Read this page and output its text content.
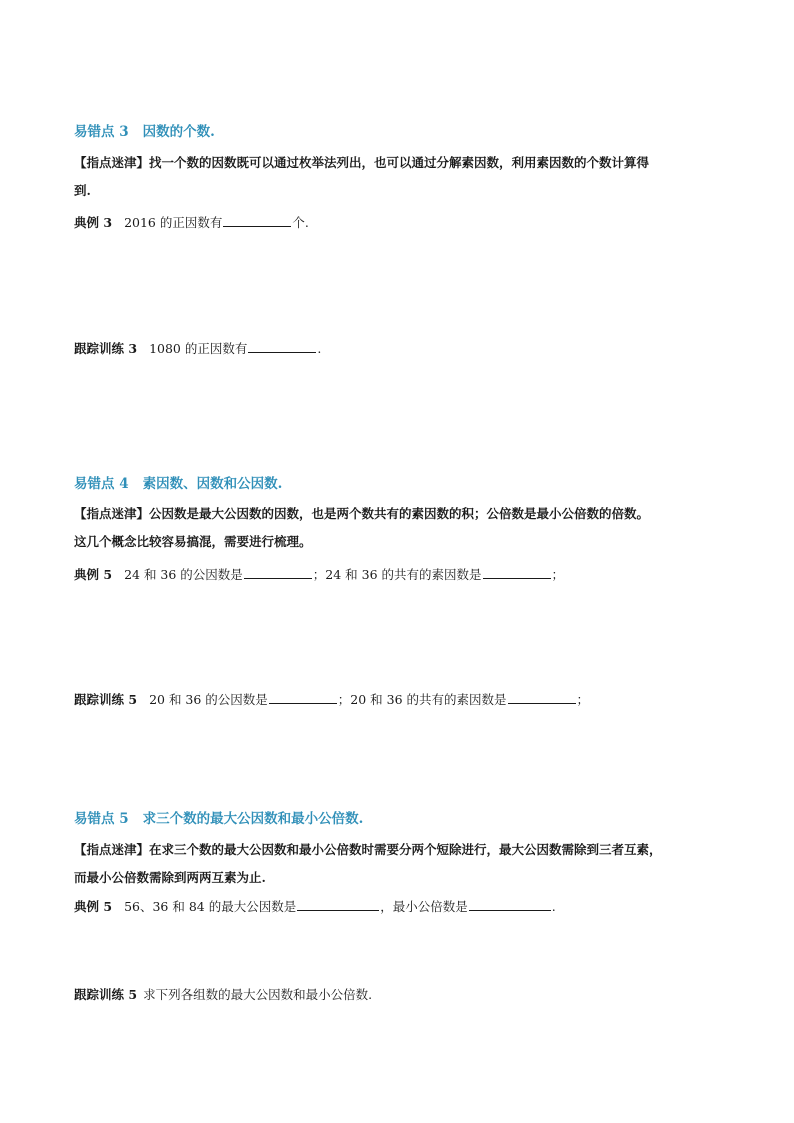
易错点 3 因数的个数.
【指点迷津】找一个数的因数既可以通过枚举法列出，也可以通过分解素因数，利用素因数的个数计算得
到.
典例 3 2016 的正因数有	个.
跟踪训练 3 1080 的正因数有	.
易错点 4 素因数、因数和公因数.
【指点迷津】公因数是最大公因数的因数，也是两个数共有的素因数的积；公倍数是最小公倍数的倍数。
这几个概念比较容易搞混，需要进行梳理。
典例 5 24 和 36 的公因数是	；24 和 36 的共有的素因数是	；
跟踪训练 5 20 和 36 的公因数是	；20 和 36 的共有的素因数是	；
易错点 5 求三个数的最大公因数和最小公倍数.
【指点迷津】在求三个数的最大公因数和最小公倍数时需要分两个短除进行，最大公因数需除到三者互素，
而最小公倍数需除到两两互素为止.
典例 5 56、36 和 84 的最大公因数是	，最小公倍数是	.
跟踪训练 5 求下列各组数的最大公因数和最小公倍数.
